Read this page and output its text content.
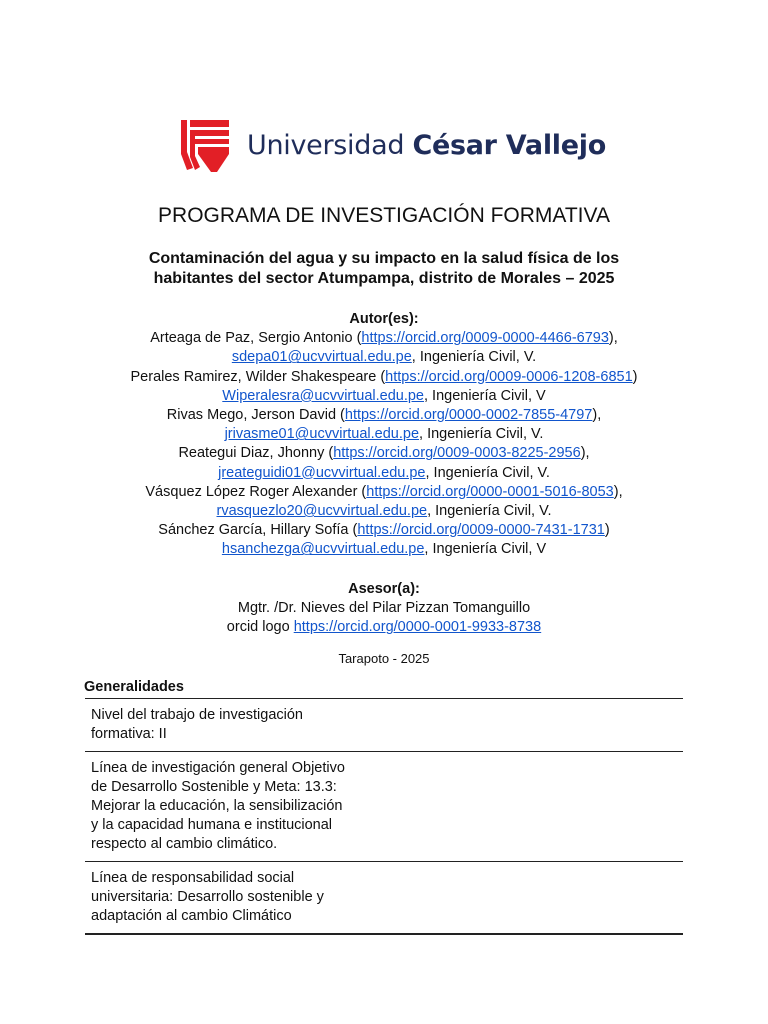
Universidad César Vallejo
PROGRAMA DE INVESTIGACIÓN FORMATIVA
Contaminación del agua y su impacto en la salud física de los
habitantes del sector Atumpampa, distrito de Morales – 2025
Autor(es):
Arteaga de Paz, Sergio Antonio (https://orcid.org/0009-0000-4466-6793),
sdepa01@ucvvirtual.edu.pe, Ingeniería Civil, V.
Perales Ramirez, Wilder Shakespeare (https://orcid.org/0009-0006-1208-6851)
Wiperalesra@ucvvirtual.edu.pe, Ingeniería Civil, V
Rivas Mego, Jerson David (https://orcid.org/0000-0002-7855-4797),
jrivasme01@ucvvirtual.edu.pe, Ingeniería Civil, V.
Reategui Diaz, Jhonny (https://orcid.org/0009-0003-8225-2956),
jreateguidi01@ucvvirtual.edu.pe, Ingeniería Civil, V.
Vásquez López Roger Alexander (https://orcid.org/0000-0001-5016-8053),
rvasquezlo20@ucvvirtual.edu.pe, Ingeniería Civil, V.
Sánchez García, Hillary Sofía (https://orcid.org/0009-0000-7431-1731)
hsanchezga@ucvvirtual.edu.pe, Ingeniería Civil, V
Asesor(a):
Mgtr. /Dr. Nieves del Pilar Pizzan Tomanguillo
orcid logo https://orcid.org/0000-0001-9933-8738
Tarapoto - 2025
Generalidades
Nivel del trabajo de investigación
formativa: II	

Línea de investigación general Objetivo
de Desarrollo Sostenible y Meta: 13.3:
Mejorar la educación, la sensibilización
y la capacidad humana e institucional
respecto al cambio climático.	

Línea de responsabilidad social
universitaria: Desarrollo sostenible y
adaptación al cambio Climático	
